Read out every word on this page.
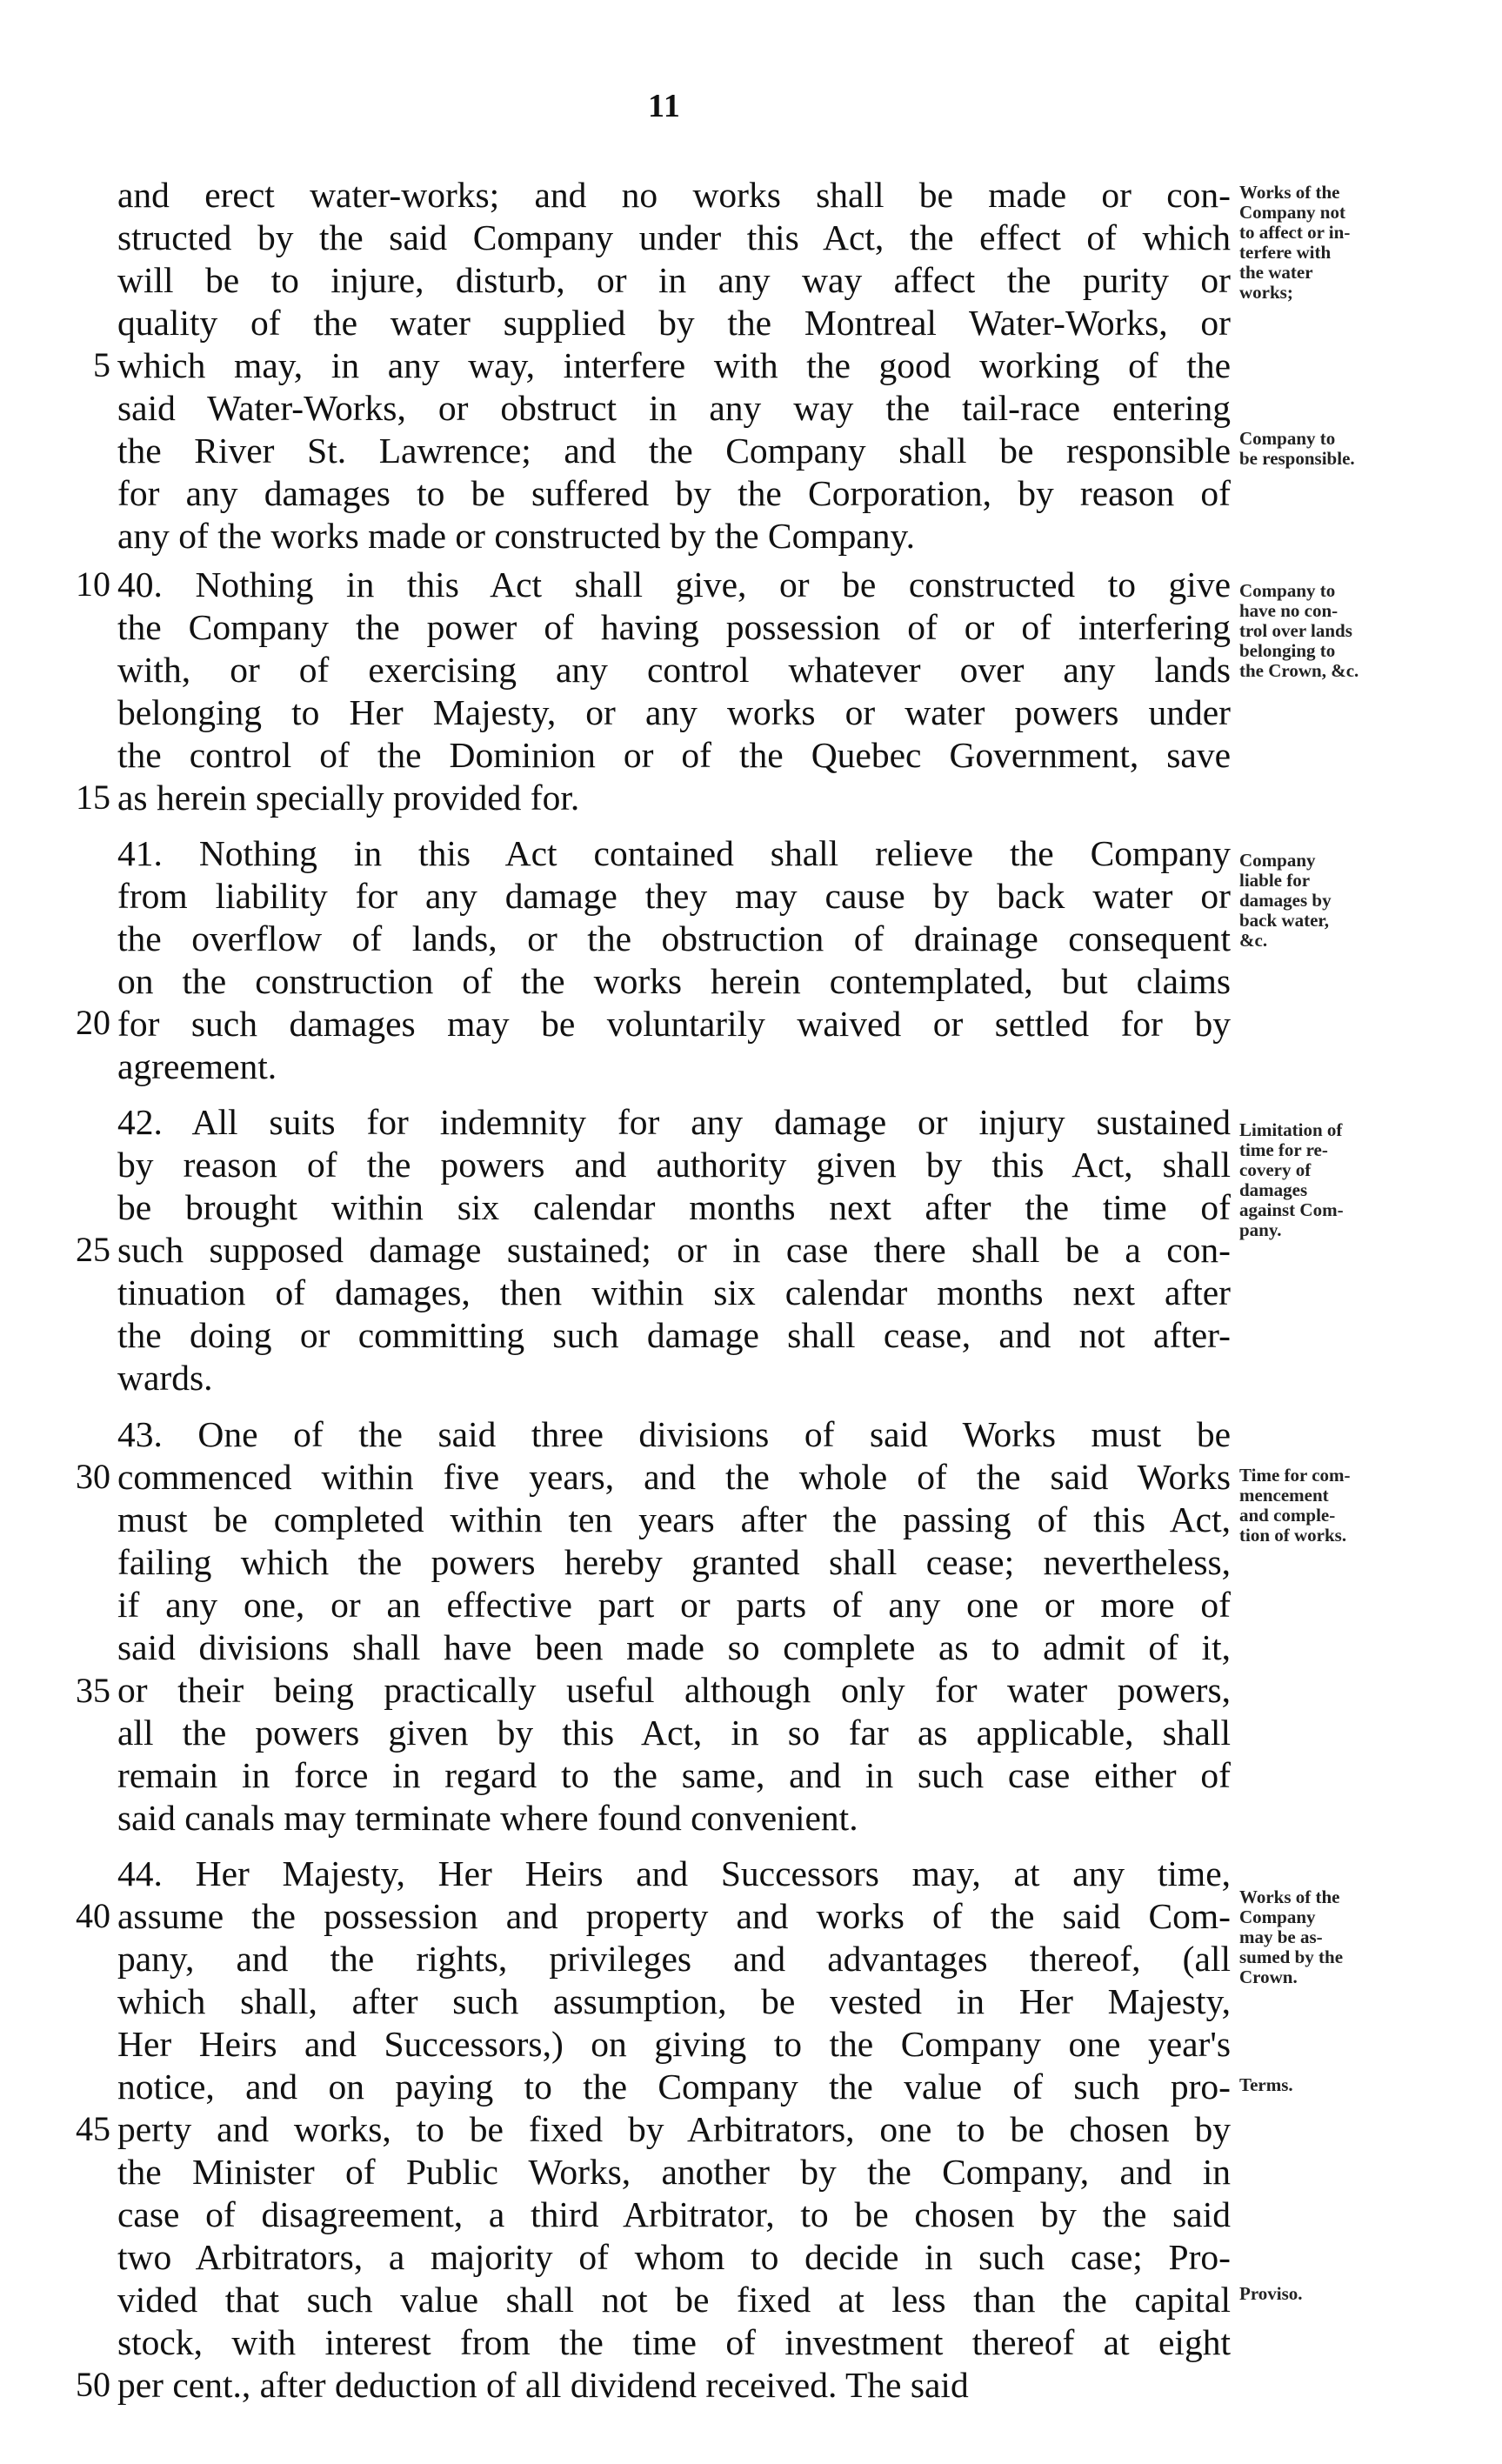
11
and erect water-works; and no works shall be made or con-
structed by the said Company under this Act, the effect of which
will be to injure, disturb, or in any way affect the purity or
quality of the water supplied by the Montreal Water-Works, or
which may, in any way, interfere with the good working of the
said Water-Works, or obstruct in any way the tail-race entering
the River St. Lawrence; and the Company shall be responsible
for any damages to be suffered by the Corporation, by reason of
any of the works made or constructed by the Company.
40. Nothing in this Act shall give, or be constructed to give
the Company the power of having possession of or of interfering
with, or of exercising any control whatever over any lands
belonging to Her Majesty, or any works or water powers under
the control of the Dominion or of the Quebec Government, save
as herein specially provided for.
41. Nothing in this Act contained shall relieve the Company
from liability for any damage they may cause by back water or
the overflow of lands, or the obstruction of drainage consequent
on the construction of the works herein contemplated, but claims
for such damages may be voluntarily waived or settled for by
agreement.
42. All suits for indemnity for any damage or injury sustained
by reason of the powers and authority given by this Act, shall
be brought within six calendar months next after the time of
such supposed damage sustained; or in case there shall be a con-
tinuation of damages, then within six calendar months next after
the doing or committing such damage shall cease, and not after-
wards.
43. One of the said three divisions of said Works must be
commenced within five years, and the whole of the said Works
must be completed within ten years after the passing of this Act,
failing which the powers hereby granted shall cease; nevertheless,
if any one, or an effective part or parts of any one or more of
said divisions shall have been made so complete as to admit of it,
or their being practically useful although only for water powers,
all the powers given by this Act, in so far as applicable, shall
remain in force in regard to the same, and in such case either of
said canals may terminate where found convenient.
44. Her Majesty, Her Heirs and Successors may, at any time,
assume the possession and property and works of the said Com-
pany, and the rights, privileges and advantages thereof, (all
which shall, after such assumption, be vested in Her Majesty,
Her Heirs and Successors,) on giving to the Company one year's
notice, and on paying to the Company the value of such pro-
perty and works, to be fixed by Arbitrators, one to be chosen by
the Minister of Public Works, another by the Company, and in
case of disagreement, a third Arbitrator, to be chosen by the said
two Arbitrators, a majority of whom to decide in such case; Pro-
vided that such value shall not be fixed at less than the capital
stock, with interest from the time of investment thereof at eight
per cent., after deduction of all dividend received. The said
5
10
15
20
25
30
35
40
45
50
Works of the
Company not
to affect or in-
terfere with
the water
works;
Company to
be responsible.
Company to
have no con-
trol over lands
belonging to
the Crown, &c.
Company
liable for
damages by
back water,
&c.
Limitation of
time for re-
covery of
damages
against Com-
pany.
Time for com-
mencement
and comple-
tion of works.
Works of the
Company
may be as-
sumed by the
Crown.
Terms.
Proviso.
